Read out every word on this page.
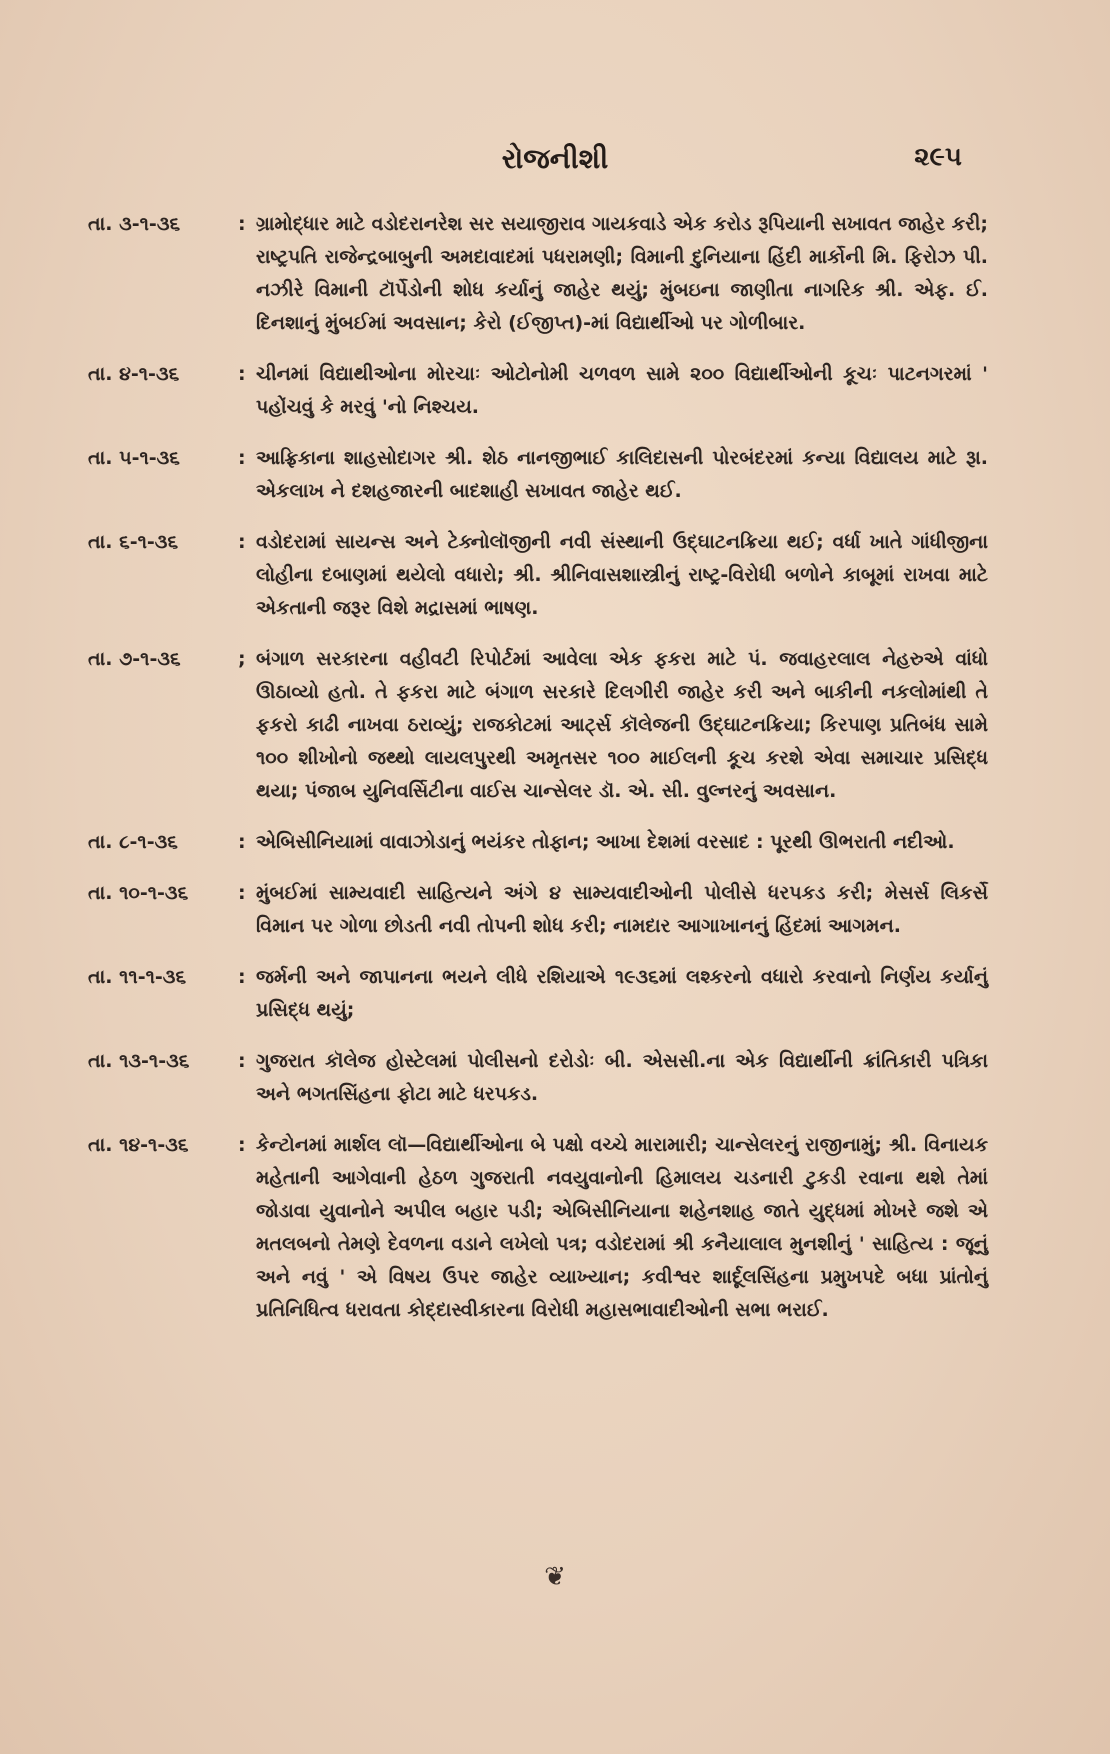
રોજનીશી	૨૯૫
તા. ૩-૧-૩૬	: ગ્રામોદ્ધાર માટે વડોદરાનરેશ સર સયાજીરાવ ગાયકવાડે એક કરોડ રૂપિયાની સખાવત જાહેર કરી; રાષ્ટ્રપતિ રાજેન્દ્રબાબુની અમદાવાદમાં પધરામણી; વિમાની દુનિયાના હિંદી માર્કોની મિ. ફિરોઝ પી. નઝીરે વિમાની ટૉર્પેડોની શોધ કર્યાનું જાહેર થયું; મુંબઇના જાણીતા નાગરિક શ્રી. એફ. ઈ. દિનશાનું મુંબઈમાં અવસાન; કેરો (ઈજીપ્ત)-માં વિદ્યાર્થીઓ પર ગોળીબાર.
તા. ૪-૧-૩૬	: ચીનમાં વિદ્યાથીઓના મોરચાઃ ઓટોનોમી ચળવળ સામે ૨૦૦ વિદ્યાર્થીઓની કૂચઃ પાટનગરમાં ' પહોંચવું કે મરવું 'નો નિશ્ચય.
તા. ૫-૧-૩૬	: આફ્રિકાના શાહસોદાગર શ્રી. શેઠ નાનજીભાઈ કાલિદાસની પોરબંદરમાં કન્યા વિદ્યાલય માટે રૂા. એકલાખ ને દશહજારની બાદશાહી સખાવત જાહેર થઈ.
તા. ૬-૧-૩૬	: વડોદરામાં સાયન્સ અને ટેક્નોલૉજીની નવી સંસ્થાની ઉદ્ઘાટનક્રિયા થઈ; વર્ધા ખાતે ગાંધીજીના લોહીના દબાણમાં થયેલો વધારો; શ્રી. શ્રીનિવાસશાસ્ત્રીનું રાષ્ટ્ર-વિરોધી બળોને કાબૂમાં રાખવા માટે એકતાની જરૂર વિશે મદ્રાસમાં ભાષણ.
તા. ૭-૧-૩૬	; બંગાળ સરકારના વહીવટી રિપોર્ટમાં આવેલા એક ફકરા માટે પં. જવાહરલાલ નેહરુએ વાંધો ઊઠાવ્યો હતો. તે ફકરા માટે બંગાળ સરકારે દિલગીરી જાહેર કરી અને બાકીની નકલોમાંથી તે ફકરો કાઢી નાખવા ઠરાવ્યું; રાજકોટમાં આર્ટ્સ કૉલેજની ઉદ્ઘાટનક્રિયા; કિરપાણ પ્રતિબંધ સામે ૧૦૦ શીખોનો જથ્થો લાયલપુરથી અમૃતસર ૧૦૦ માઈલની કૂચ કરશે એવા સમાચાર પ્રસિદ્ધ થયા; પંજાબ યુનિવર્સિટીના વાઈસ ચાન્સેલર ડૉ. એ. સી. વુલ્નરનું અવસાન.
તા. ૮-૧-૩૬	: એબિસીનિયામાં વાવાઝોડાનું ભયંકર તોફાન; આખા દેશમાં વરસાદ : પૂરથી ઊભરાતી નદીઓ.
તા. ૧૦-૧-૩૬	: મુંબઈમાં સામ્યવાદી સાહિત્યને અંગે ૪ સામ્યવાદીઓની પોલીસે ધરપકડ કરી; મેસર્સ લિકર્સે વિમાન પર ગોળા છોડતી નવી તોપની શોધ કરી; નામદાર આગાખાનનું હિંદમાં આગમન.
તા. ૧૧-૧-૩૬	: જર્મની અને જાપાનના ભયને લીધે રશિયાએ ૧૯૩૬માં લશ્કરનો વધારો કરવાનો નિર્ણય કર્યાનું પ્રસિદ્ધ થયું;
તા. ૧૩-૧-૩૬	: ગુજરાત કૉલેજ હોસ્ટેલમાં પોલીસનો દરોડોઃ બી. એસસી.ના એક વિદ્યાર્થીની ક્રાંતિકારી પત્રિકા અને ભગતસિંહના ફોટા માટે ધરપકડ.
તા. ૧૪-૧-૩૬	: કેન્ટોનમાં માર્શલ લૉ—વિદ્યાર્થીઓના બે પક્ષો વચ્ચે મારામારી; ચાન્સેલરનું રાજીનામું; શ્રી. વિનાયક મહેતાની આગેવાની હેઠળ ગુજરાતી નવયુવાનોની હિમાલય ચડનારી ટુકડી રવાના થશે તેમાં જોડાવા યુવાનોને અપીલ બહાર પડી; એબિસીનિયાના શહેનશાહ જાતે યુદ્ધમાં મોખરે જશે એ મતલબનો તેમણે દેવળના વડાને લખેલો પત્ર; વડોદરામાં શ્રી કનૈયાલાલ મુનશીનું ' સાહિત્ય : જૂનું અને નવું ' એ વિષય ઉપર જાહેર વ્યાખ્યાન; કવીશ્વર શાર્દૂલસિંહના પ્રમુખપદે બધા પ્રાંતોનું પ્રતિનિધિત્વ ધરાવતા કોદ્દાસ્વીકારના વિરોધી મહાસભાવાદીઓની સભા ભરાઈ.
❦
